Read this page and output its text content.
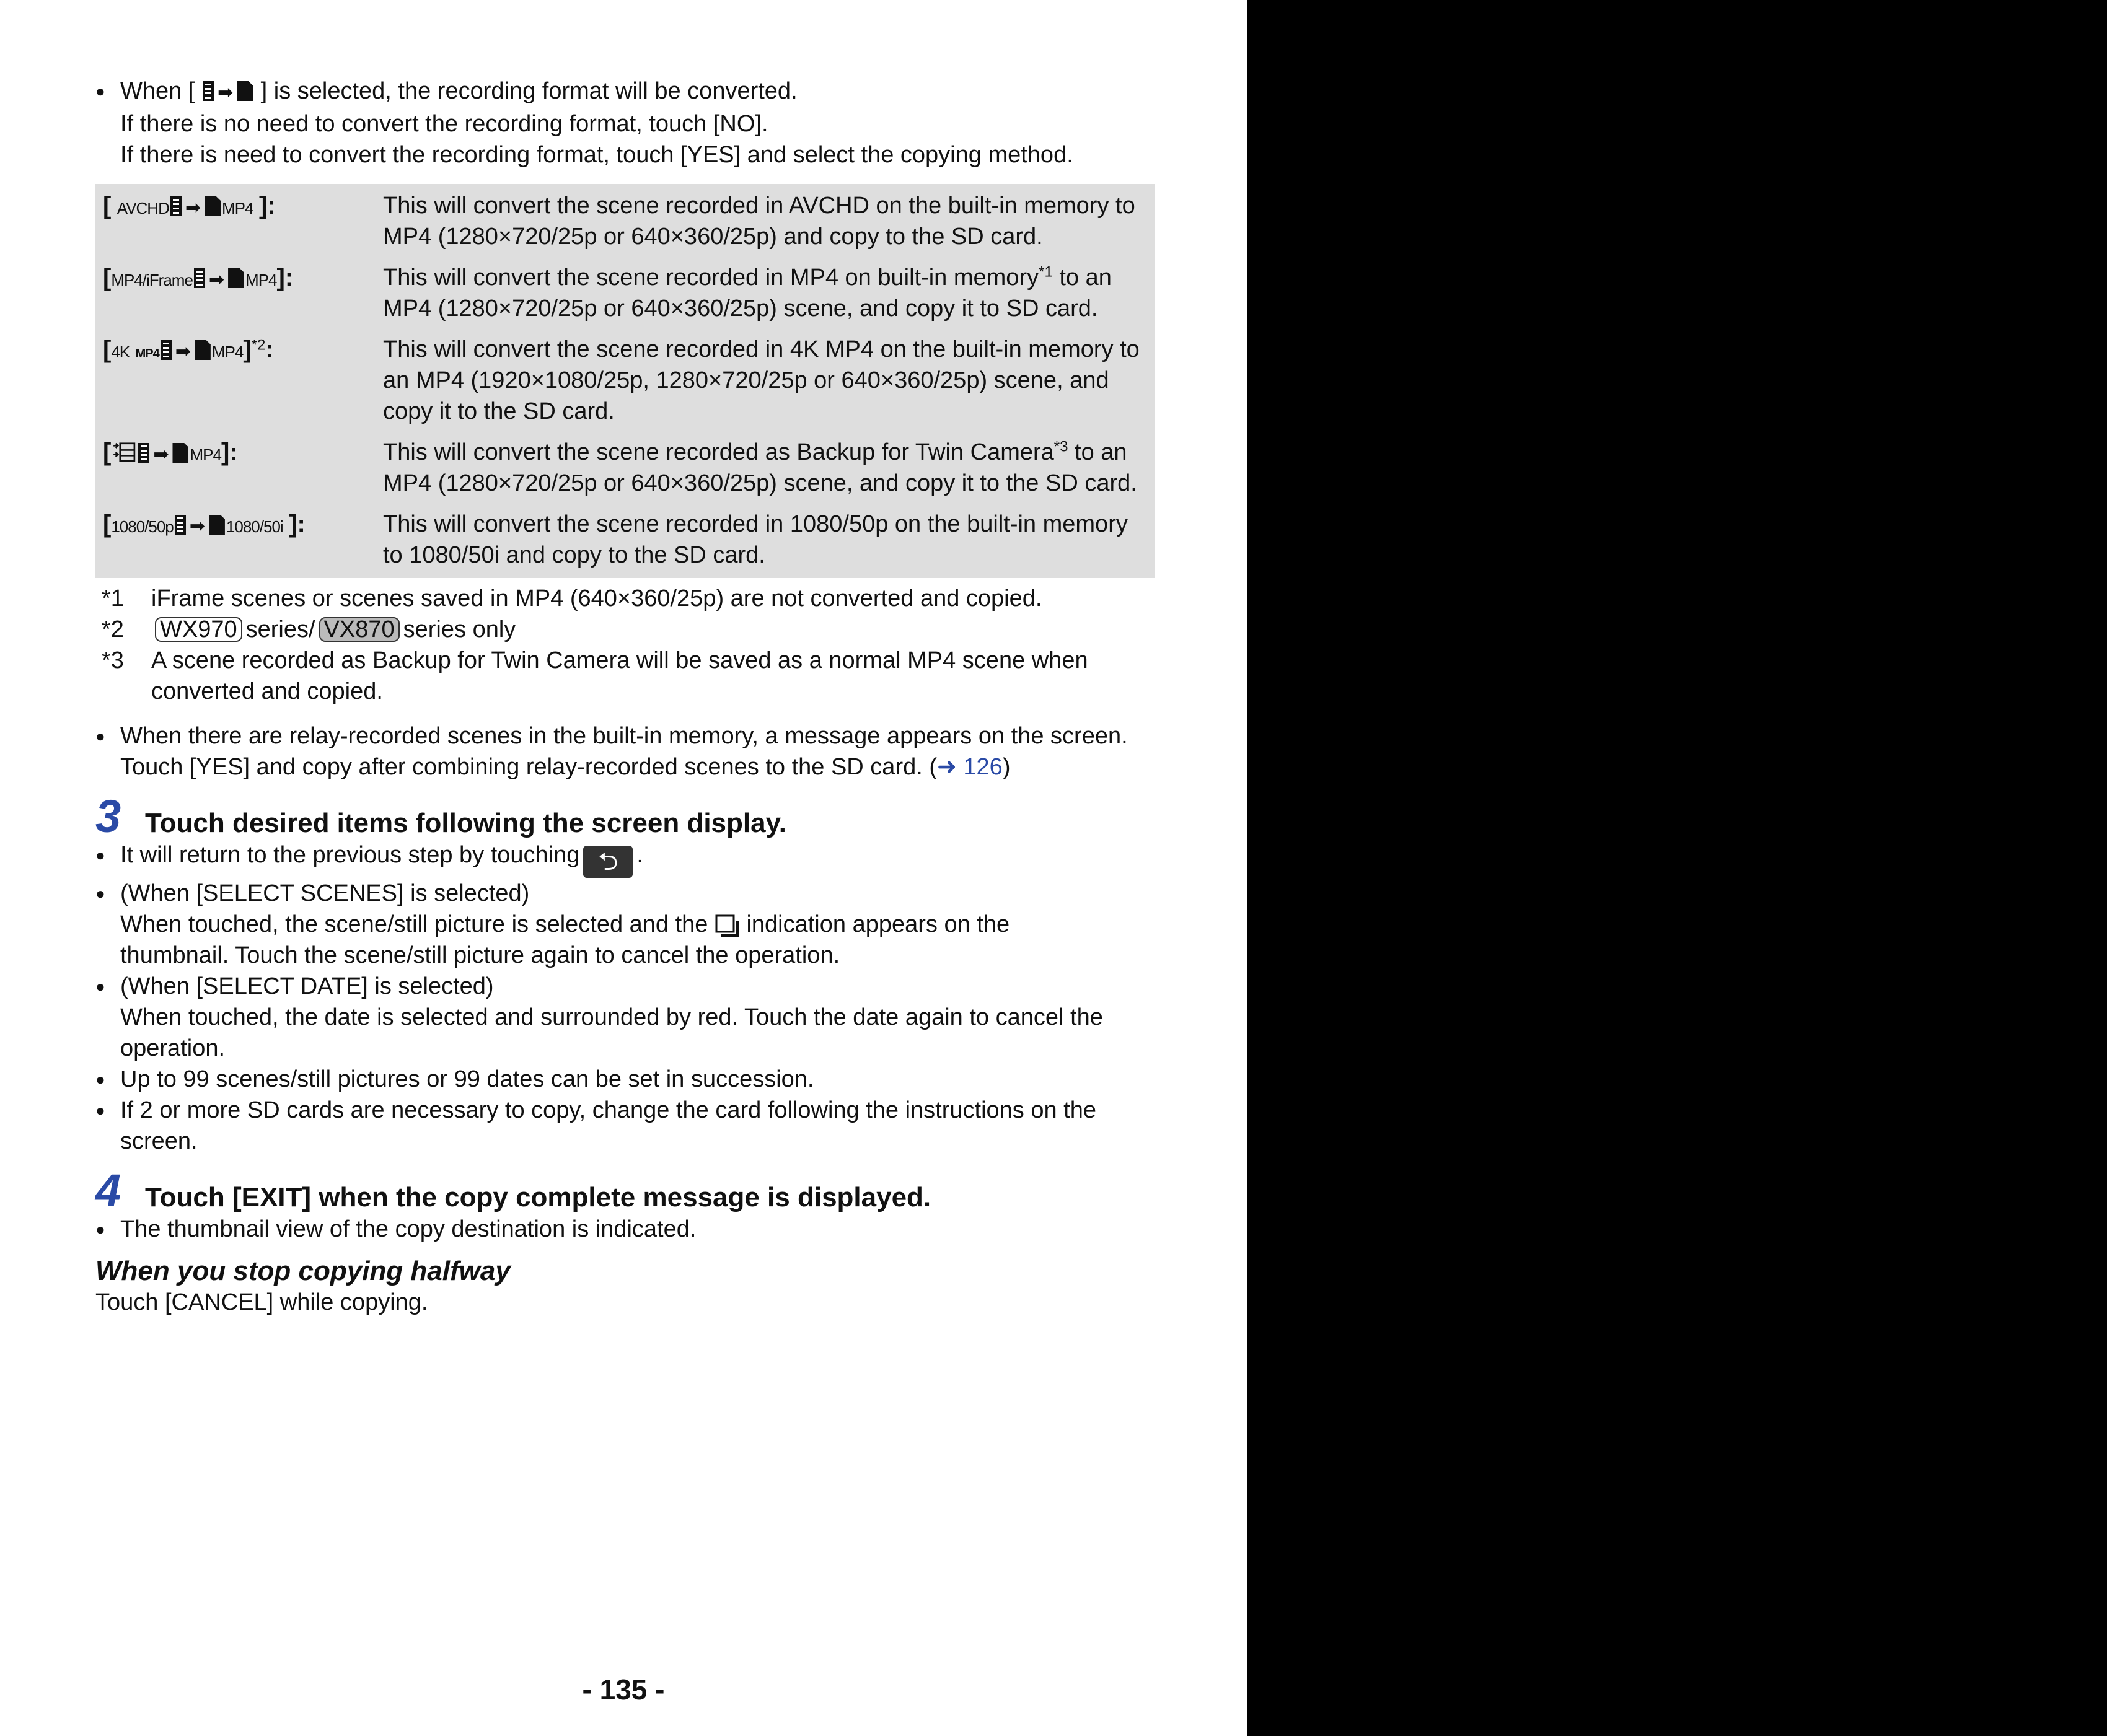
● When [ ➡ ] is selected, the recording format will be converted.
If there is no need to convert the recording format, touch [NO].
If there is need to convert the recording format, touch [YES] and select the copying method.
[ AVCHD ➡ MP4 ]:	This will convert the scene recorded in AVCHD on the built-in memory to MP4 (1280×720/25p or 640×360/25p) and copy to the SD card.
[MP4/iFrame ➡ MP4]:	This will convert the scene recorded in MP4 on built-in memory$^{*1}$ to an MP4 (1280×720/25p or 640×360/25p) scene, and copy it to SD card.
[4K MP4 ➡ MP4]$^{*2}$:	This will convert the scene recorded in 4K MP4 on the built-in memory to an MP4 (1920×1080/25p, 1280×720/25p or 640×360/25p) scene, and copy it to the SD card.
[ ➡ MP4]:	This will convert the scene recorded as Backup for Twin Camera$^{*3}$ to an MP4 (1280×720/25p or 640×360/25p) scene, and copy it to the SD card.
[1080/50p ➡ 1080/50i ]:	This will convert the scene recorded in 1080/50p on the built-in memory to 1080/50i and copy to the SD card.
*1	iFrame scenes or scenes saved in MP4 (640×360/25p) are not converted and copied.
*2	WX970 series/ VX870 series only
*3	A scene recorded as Backup for Twin Camera will be saved as a normal MP4 scene when converted and copied.
● When there are relay-recorded scenes in the built-in memory, a message appears on the screen.
Touch [YES] and copy after combining relay-recorded scenes to the SD card. (➜ 126)
3 Touch desired items following the screen display.
● It will return to the previous step by touching ⮌ .
● (When [SELECT SCENES] is selected)
When touched, the scene/still picture is selected and the indication appears on the
thumbnail. Touch the scene/still picture again to cancel the operation.
● (When [SELECT DATE] is selected)
When touched, the date is selected and surrounded by red. Touch the date again to cancel the operation.
● Up to 99 scenes/still pictures or 99 dates can be set in succession.
● If 2 or more SD cards are necessary to copy, change the card following the instructions on the screen.
4 Touch [EXIT] when the copy complete message is displayed.
● The thumbnail view of the copy destination is indicated.
When you stop copying halfway
Touch [CANCEL] while copying.
- 135 -
